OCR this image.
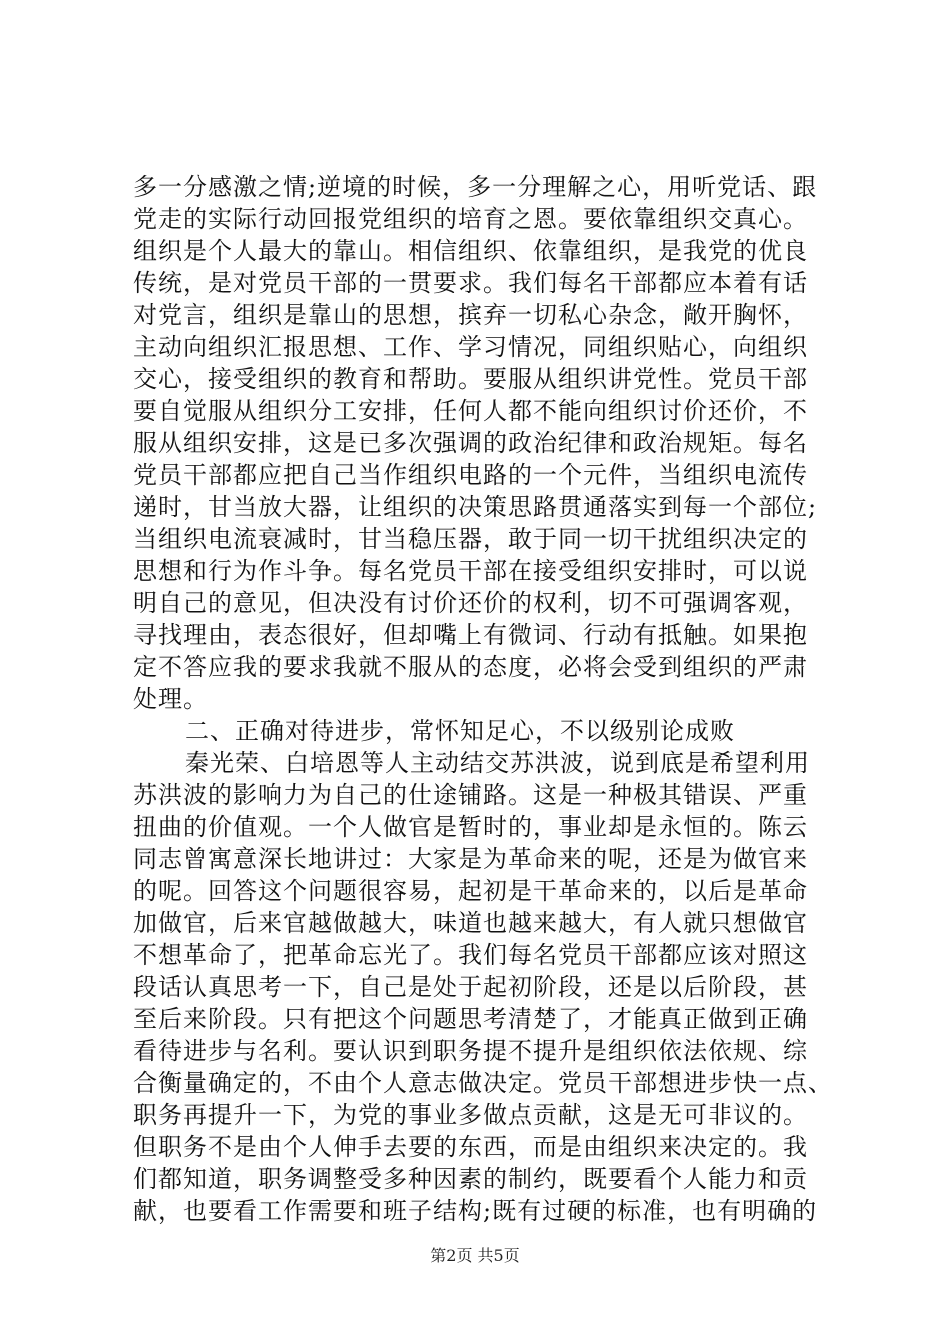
多一分感激之情;逆境的时候，多一分理解之心，用听党话、跟
党走的实际行动回报党组织的培育之恩。要依靠组织交真心。
组织是个人最大的靠山。相信组织、依靠组织，是我党的优良
传统，是对党员干部的一贯要求。我们每名干部都应本着有话
对党言，组织是靠山的思想，摈弃一切私心杂念，敞开胸怀，
主动向组织汇报思想、工作、学习情况，同组织贴心，向组织
交心，接受组织的教育和帮助。要服从组织讲党性。党员干部
要自觉服从组织分工安排，任何人都不能向组织讨价还价，不
服从组织安排，这是已多次强调的政治纪律和政治规矩。每名
党员干部都应把自己当作组织电路的一个元件，当组织电流传
递时，甘当放大器，让组织的决策思路贯通落实到每一个部位;
当组织电流衰减时，甘当稳压器，敢于同一切干扰组织决定的
思想和行为作斗争。每名党员干部在接受组织安排时，可以说
明自己的意见，但决没有讨价还价的权利，切不可强调客观，
寻找理由，表态很好，但却嘴上有微词、行动有抵触。如果抱
定不答应我的要求我就不服从的态度，必将会受到组织的严肃
处理。
二、正确对待进步，常怀知足心，不以级别论成败
秦光荣、白培恩等人主动结交苏洪波，说到底是希望利用
苏洪波的影响力为自己的仕途铺路。这是一种极其错误、严重
扭曲的价值观。一个人做官是暂时的，事业却是永恒的。陈云
同志曾寓意深长地讲过：大家是为革命来的呢，还是为做官来
的呢。回答这个问题很容易，起初是干革命来的，以后是革命
加做官，后来官越做越大，味道也越来越大，有人就只想做官
不想革命了，把革命忘光了。我们每名党员干部都应该对照这
段话认真思考一下，自己是处于起初阶段，还是以后阶段，甚
至后来阶段。只有把这个问题思考清楚了，才能真正做到正确
看待进步与名利。要认识到职务提不提升是组织依法依规、综
合衡量确定的，不由个人意志做决定。党员干部想进步快一点、
职务再提升一下，为党的事业多做点贡献，这是无可非议的。
但职务不是由个人伸手去要的东西，而是由组织来决定的。我
们都知道，职务调整受多种因素的制约，既要看个人能力和贡
献，也要看工作需要和班子结构;既有过硬的标准，也有明确的
第2页 共5页
